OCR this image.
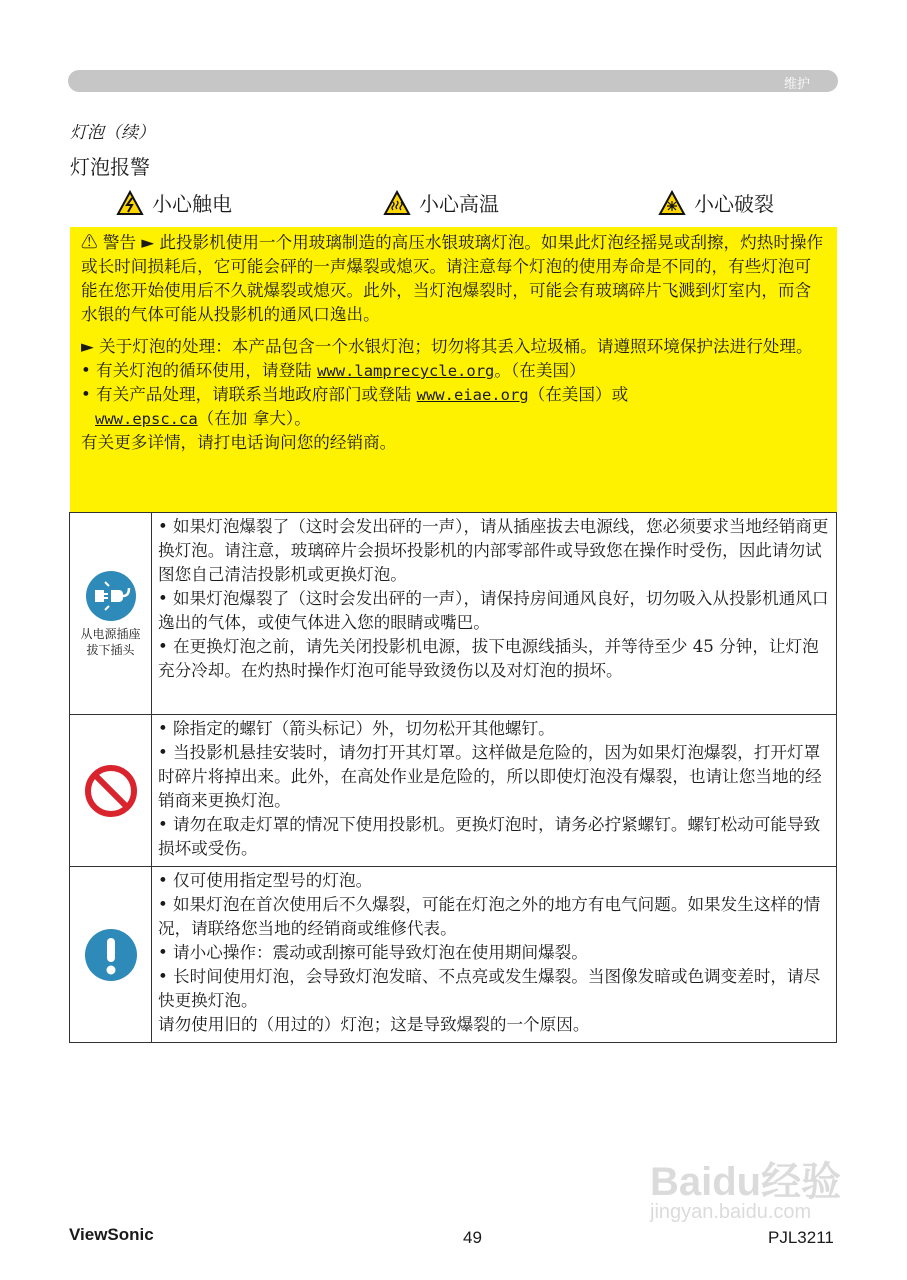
维护
灯泡（续）
灯泡报警
小心触电	小心高温	小心破裂

⚠ 警告 ► 此投影机使用一个用玻璃制造的高压水银玻璃灯泡。如果此灯泡经摇晃或刮擦，灼热时操作或长时间损耗后，它可能会砰的一声爆裂或熄灭。请注意每个灯泡的使用寿命是不同的，有些灯泡可能在您开始使用后不久就爆裂或熄灭。此外，当灯泡爆裂时，可能会有玻璃碎片飞溅到灯室内，而含水银的气体可能从投影机的通风口逸出。

► 关于灯泡的处理：本产品包含一个水银灯泡；切勿将其丢入垃圾桶。请遵照环境保护法进行处理。

• 有关灯泡的循环使用，请登陆 www.lamprecycle.org。（在美国）

• 有关产品处理，请联系当地政府部门或登陆 www.eiae.org（在美国）或
www.epsc.ca（在加 拿大）。

有关更多详情，请打电话询问您的经销商。

从电源插座
拔下插头

• 如果灯泡爆裂了（这时会发出砰的一声），请从插座拔去电源线，您必须要求当地经销商更换灯泡。请注意，玻璃碎片会损坏投影机的内部零部件或导致您在操作时受伤，因此请勿试图您自己清洁投影机或更换灯泡。

• 如果灯泡爆裂了（这时会发出砰的一声），请保持房间通风良好，切勿吸入从投影机通风口逸出的气体，或使气体进入您的眼睛或嘴巴。

• 在更换灯泡之前，请先关闭投影机电源，拔下电源线插头，并等待至少 45 分钟，让灯泡充分冷却。在灼热时操作灯泡可能导致烫伤以及对灯泡的损坏。

• 除指定的螺钉（箭头标记）外，切勿松开其他螺钉。

• 当投影机悬挂安装时，请勿打开其灯罩。这样做是危险的，因为如果灯泡爆裂，打开灯罩时碎片将掉出来。此外，在高处作业是危险的，所以即使灯泡没有爆裂，也请让您当地的经销商来更换灯泡。

• 请勿在取走灯罩的情况下使用投影机。更换灯泡时，请务必拧紧螺钉。螺钉松动可能导致损坏或受伤。

• 仅可使用指定型号的灯泡。

• 如果灯泡在首次使用后不久爆裂，可能在灯泡之外的地方有电气问题。如果发生这样的情况，请联络您当地的经销商或维修代表。

• 请小心操作：震动或刮擦可能导致灯泡在使用期间爆裂。

• 长时间使用灯泡，会导致灯泡发暗、不点亮或发生爆裂。当图像发暗或色调变差时，请尽快更换灯泡。

请勿使用旧的（用过的）灯泡；这是导致爆裂的一个原因。

Baidu经验
jingyan.baidu.com
ViewSonic	49	PJL3211
